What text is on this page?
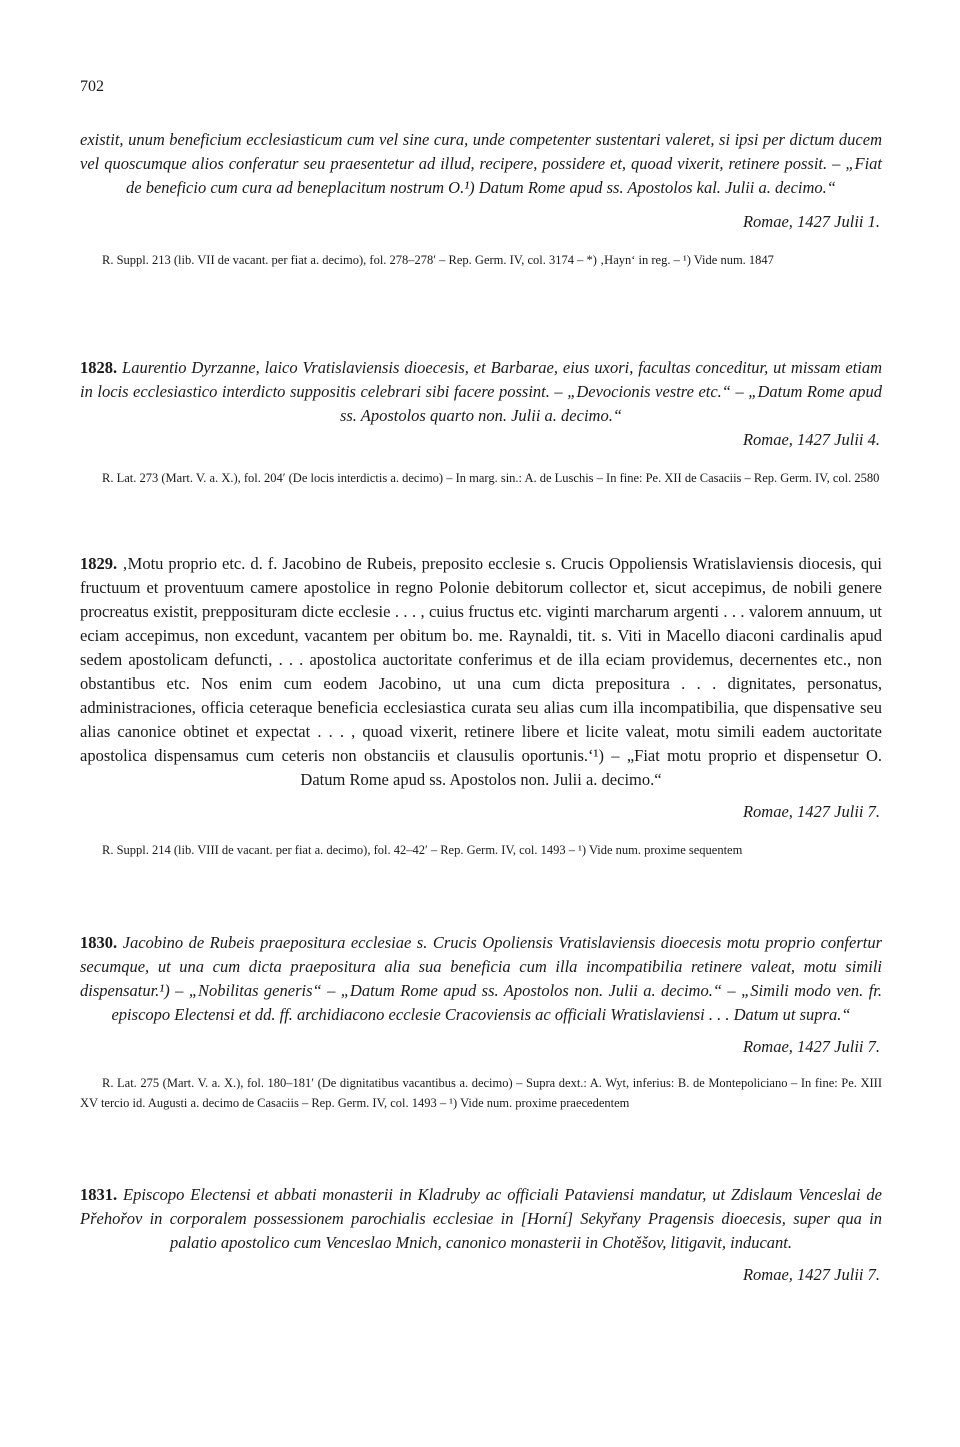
702

existit, unum beneficium ecclesiasticum cum vel sine cura, unde competenter sustentari valeret, si ipsi per dictum ducem vel quoscumque alios conferatur seu praesentetur ad illud, recipere, possidere et, quoad vixerit, retinere possit. – „Fiat de beneficio cum cura ad beneplacitum nostrum O.¹) Datum Rome apud ss. Apostolos kal. Julii a. decimo.“

Romae, 1427 Julii 1.

R. Suppl. 213 (lib. VII de vacant. per fiat a. decimo), fol. 278–278′ – Rep. Germ. IV, col. 3174 – *) ‚Hayn‘ in reg. – ¹) Vide num. 1847

1828. Laurentio Dyrzanne, laico Vratislaviensis dioecesis, et Barbarae, eius uxori, facultas conceditur, ut missam etiam in locis ecclesiastico interdicto suppositis celebrari sibi facere possint. – „Devocionis vestre etc.“ – „Datum Rome apud ss. Apostolos quarto non. Julii a. decimo.“

Romae, 1427 Julii 4.

R. Lat. 273 (Mart. V. a. X.), fol. 204′ (De locis interdictis a. decimo) – In marg. sin.: A. de Luschis – In fine: Pe. XII de Casaciis – Rep. Germ. IV, col. 2580

1829. ‚Motu proprio etc. d. f. Jacobino de Rubeis, preposito ecclesie s. Crucis Oppoliensis Wratislaviensis diocesis, qui fructuum et proventuum camere apostolice in regno Polonie debitorum collector et, sicut accepimus, de nobili genere procreatus existit, prepposituram dicte ecclesie . . . , cuius fructus etc. viginti marcharum argenti . . . valorem annuum, ut eciam accepimus, non excedunt, vacantem per obitum bo. me. Raynaldi, tit. s. Viti in Macello diaconi cardinalis apud sedem apostolicam defuncti, . . . apostolica auctoritate conferimus et de illa eciam providemus, decernentes etc., non obstantibus etc. Nos enim cum eodem Jacobino, ut una cum dicta prepositura . . . dignitates, personatus, administraciones, officia ceteraque beneficia ecclesiastica curata seu alias cum illa incompatibilia, que dispensative seu alias canonice obtinet et expectat . . . , quoad vixerit, retinere libere et licite valeat, motu simili eadem auctoritate apostolica dispensamus cum ceteris non obstanciis et clausulis oportunis.‘¹) – „Fiat motu proprio et dispensetur O. Datum Rome apud ss. Apostolos non. Julii a. decimo.“

Romae, 1427 Julii 7.

R. Suppl. 214 (lib. VIII de vacant. per fiat a. decimo), fol. 42–42′ – Rep. Germ. IV, col. 1493 – ¹) Vide num. proxime sequentem

1830. Jacobino de Rubeis praepositura ecclesiae s. Crucis Opoliensis Vratislaviensis dioecesis motu proprio confertur secumque, ut una cum dicta praepositura alia sua beneficia cum illa incompatibilia retinere valeat, motu simili dispensatur.¹) – „Nobilitas generis“ – „Datum Rome apud ss. Apostolos non. Julii a. decimo.“ – „Simili modo ven. fr. episcopo Electensi et dd. ff. archidiacono ecclesie Cracoviensis ac officiali Wratislaviensi . . . Datum ut supra.“

Romae, 1427 Julii 7.

R. Lat. 275 (Mart. V. a. X.), fol. 180–181′ (De dignitatibus vacantibus a. decimo) – Supra dext.: A. Wyt, inferius: B. de Montepoliciano – In fine: Pe. XIII XV tercio id. Augusti a. decimo de Casaciis – Rep. Germ. IV, col. 1493 – ¹) Vide num. proxime praecedentem

1831. Episcopo Electensi et abbati monasterii in Kladruby ac officiali Pataviensi mandatur, ut Zdislaum Venceslai de Přehořov in corporalem possessionem parochialis ecclesiae in [Horní] Sekyřany Pragensis dioecesis, super qua in palatio apostolico cum Venceslao Mnich, canonico monasterii in Chotěšov, litigavit, inducant.

Romae, 1427 Julii 7.
